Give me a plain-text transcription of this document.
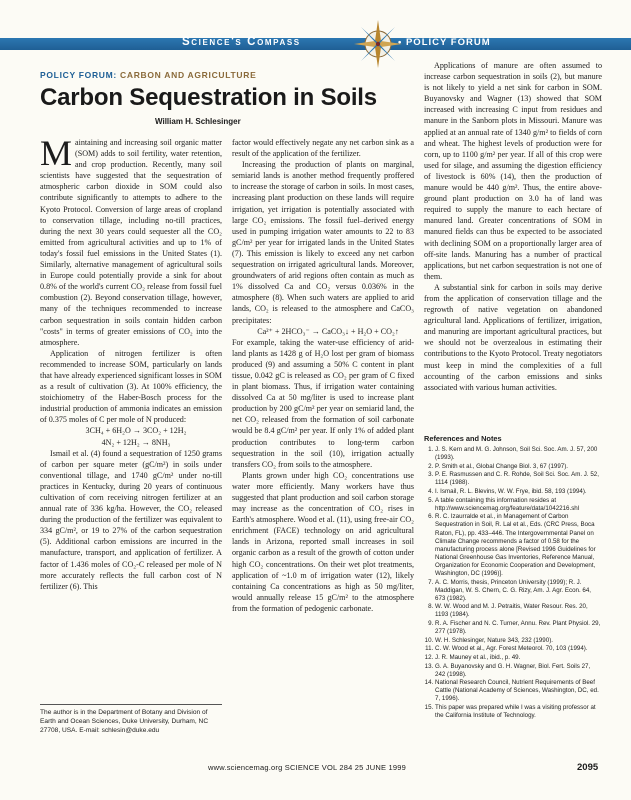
Science's Compass	• POLICY FORUM
POLICY FORUM: CARBON AND AGRICULTURE
Carbon Sequestration in Soils
William H. Schlesinger

Maintaining and increasing soil organic matter (SOM) adds to soil fertility, water retention, and crop production. Recently, many soil scientists have suggested that the sequestration of atmospheric carbon dioxide in SOM could also contribute significantly to attempts to adhere to the Kyoto Protocol. Conversion of large areas of cropland to conservation tillage, including no-till practices, during the next 30 years could sequester all the CO₂ emitted from agricultural activities and up to 1% of today's fossil fuel emissions in the United States (1). Similarly, alternative management of agricultural soils in Europe could potentially provide a sink for about 0.8% of the world's current CO₂ release from fossil fuel combustion (2). Beyond conservation tillage, however, many of the techniques recommended to increase carbon sequestration in soils contain hidden carbon "costs" in terms of greater emissions of CO₂ into the atmosphere.

Application of nitrogen fertilizer is often recommended to increase SOM, particularly on lands that have already experienced significant losses in SOM as a result of cultivation (3). At 100% efficiency, the stoichiometry of the Haber-Bosch process for the industrial production of ammonia indicates an emission of 0.375 moles of C per mole of N produced:

3CH₄ + 6H₂O → 3CO₂ + 12H₂

4N₂ + 12H₂ → 8NH₃

Ismail et al. (4) found a sequestration of 1250 grams of carbon per square meter (gC/m²) in soils under conventional tillage, and 1740 gC/m² under no-till practices in Kentucky, during 20 years of continuous cultivation of corn receiving nitrogen fertilizer at an annual rate of 336 kg/ha. However, the CO₂ released during the production of the fertilizer was equivalent to 334 gC/m², or 19 to 27% of the carbon sequestration (5). Additional carbon emissions are incurred in the manufacture, transport, and application of fertilizer. A factor of 1.436 moles of CO₂-C released per mole of N more accurately reflects the full carbon cost of N fertilizer (6). This

The author is in the Department of Botany and Division of Earth and Ocean Sciences, Duke University, Durham, NC 27708, USA. E-mail: schlesin@duke.edu

factor would effectively negate any net carbon sink as a result of the application of the fertilizer.

Increasing the production of plants on marginal, semiarid lands is another method frequently proffered to increase the storage of carbon in soils. In most cases, increasing plant production on these lands will require irrigation, yet irrigation is potentially associated with large CO₂ emissions. The fossil fuel–derived energy used in pumping irrigation water amounts to 22 to 83 gC/m² per year for irrigated lands in the United States (7). This emission is likely to exceed any net carbon sequestration on irrigated agricultural lands. Moreover, groundwaters of arid regions often contain as much as 1% dissolved Ca and CO₂ versus 0.036% in the atmosphere (8). When such waters are applied to arid lands, CO₂ is released to the atmosphere and CaCO₃ precipitates:

Ca²⁺ + 2HCO₃⁻ → CaCO₃↓ + H₂O + CO₂↑

For example, taking the water-use efficiency of arid-land plants as 1428 g of H₂O lost per gram of biomass produced (9) and assuming a 50% C content in plant tissue, 0.042 gC is released as CO₂ per gram of C fixed in plant biomass. Thus, if irrigation water containing dissolved Ca at 50 mg/liter is used to increase plant production by 200 gC/m² per year on semiarid land, the net CO₂ released from the formation of soil carbonate would be 8.4 gC/m² per year. If only 1% of added plant production contributes to long-term carbon sequestration in the soil (10), irrigation actually transfers CO₂ from soils to the atmosphere.

Plants grown under high CO₂ concentrations use water more efficiently. Many workers have thus suggested that plant production and soil carbon storage may increase as the concentration of CO₂ rises in Earth's atmosphere. Wood et al. (11), using free-air CO₂ enrichment (FACE) technology on arid agricultural lands in Arizona, reported small increases in soil organic carbon as a result of the growth of cotton under high CO₂ concentrations. On their wet plot treatments, application of ~1.0 m of irrigation water (12), likely containing Ca concentrations as high as 50 mg/liter, would annually release 15 gC/m² to the atmosphere from the formation of pedogenic carbonate.

Applications of manure are often assumed to increase carbon sequestration in soils (2), but manure is not likely to yield a net sink for carbon in SOM. Buyanovsky and Wagner (13) showed that SOM increased with increasing C input from residues and manure in the Sanborn plots in Missouri. Manure was applied at an annual rate of 1340 g/m² to fields of corn and wheat. The highest levels of production were for corn, up to 1100 g/m² per year. If all of this crop were used for silage, and assuming the digestion efficiency of livestock is 60% (14), then the production of manure would be 440 g/m². Thus, the entire above-ground plant production on 3.0 ha of land was required to supply the manure to each hectare of manured land. Greater concentrations of SOM in manured fields can thus be expected to be associated with declining SOM on a proportionally larger area of off-site lands. Manuring has a number of practical applications, but net carbon sequestration is not one of them.

A substantial sink for carbon in soils may derive from the application of conservation tillage and the regrowth of native vegetation on abandoned agricultural land. Applications of fertilizer, irrigation, and manuring are important agricultural practices, but we should not be overzealous in estimating their contributions to the Kyoto Protocol. Treaty negotiators must keep in mind the complexities of a full accounting of the carbon emissions and sinks associated with various human activities.

References and Notes
1. J. S. Kern and M. G. Johnson, Soil Sci. Soc. Am. J. 57, 200 (1993).
2. P. Smith et al., Global Change Biol. 3, 67 (1997).
3. P. E. Rasmussen and C. R. Rohde, Soil Sci. Soc. Am. J. 52, 1114 (1988).
4. I. Ismail, R. L. Blevins, W. W. Frye, ibid. 58, 193 (1994).
5. A table containing this information resides at http://www.sciencemag.org/feature/data/1042216.shl
6. R. C. Izaurralde et al., in Management of Carbon Sequestration in Soil, R. Lal et al., Eds. (CRC Press, Boca Raton, FL), pp. 433–446. The Intergovernmental Panel on Climate Change recommends a factor of 0.58 for the manufacturing process alone [Revised 1996 Guidelines for National Greenhouse Gas Inventories, Reference Manual, Organization for Economic Cooperation and Development, Washington, DC (1996)].
7. A. C. Morris, thesis, Princeton University (1999); R. J. Maddigan, W. S. Chern, C. G. Rizy, Am. J. Agr. Econ. 64, 673 (1982).
8. W. W. Wood and M. J. Petraitis, Water Resour. Res. 20, 1193 (1984).
9. R. A. Fischer and N. C. Turner, Annu. Rev. Plant Physiol. 29, 277 (1978).
10. W. H. Schlesinger, Nature 343, 232 (1990).
11. C. W. Wood et al., Agr. Forest Meteorol. 70, 103 (1994).
12. J. R. Mauney et al., ibid., p. 49.
13. G. A. Buyanovsky and G. H. Wagner, Biol. Fert. Soils 27, 242 (1998).
14. National Research Council, Nutrient Requirements of Beef Cattle (National Academy of Sciences, Washington, DC, ed. 7, 1996).
15. This paper was prepared while I was a visiting professor at the California Institute of Technology.
www.sciencemag.org SCIENCE VOL 284 25 JUNE 1999	2095
